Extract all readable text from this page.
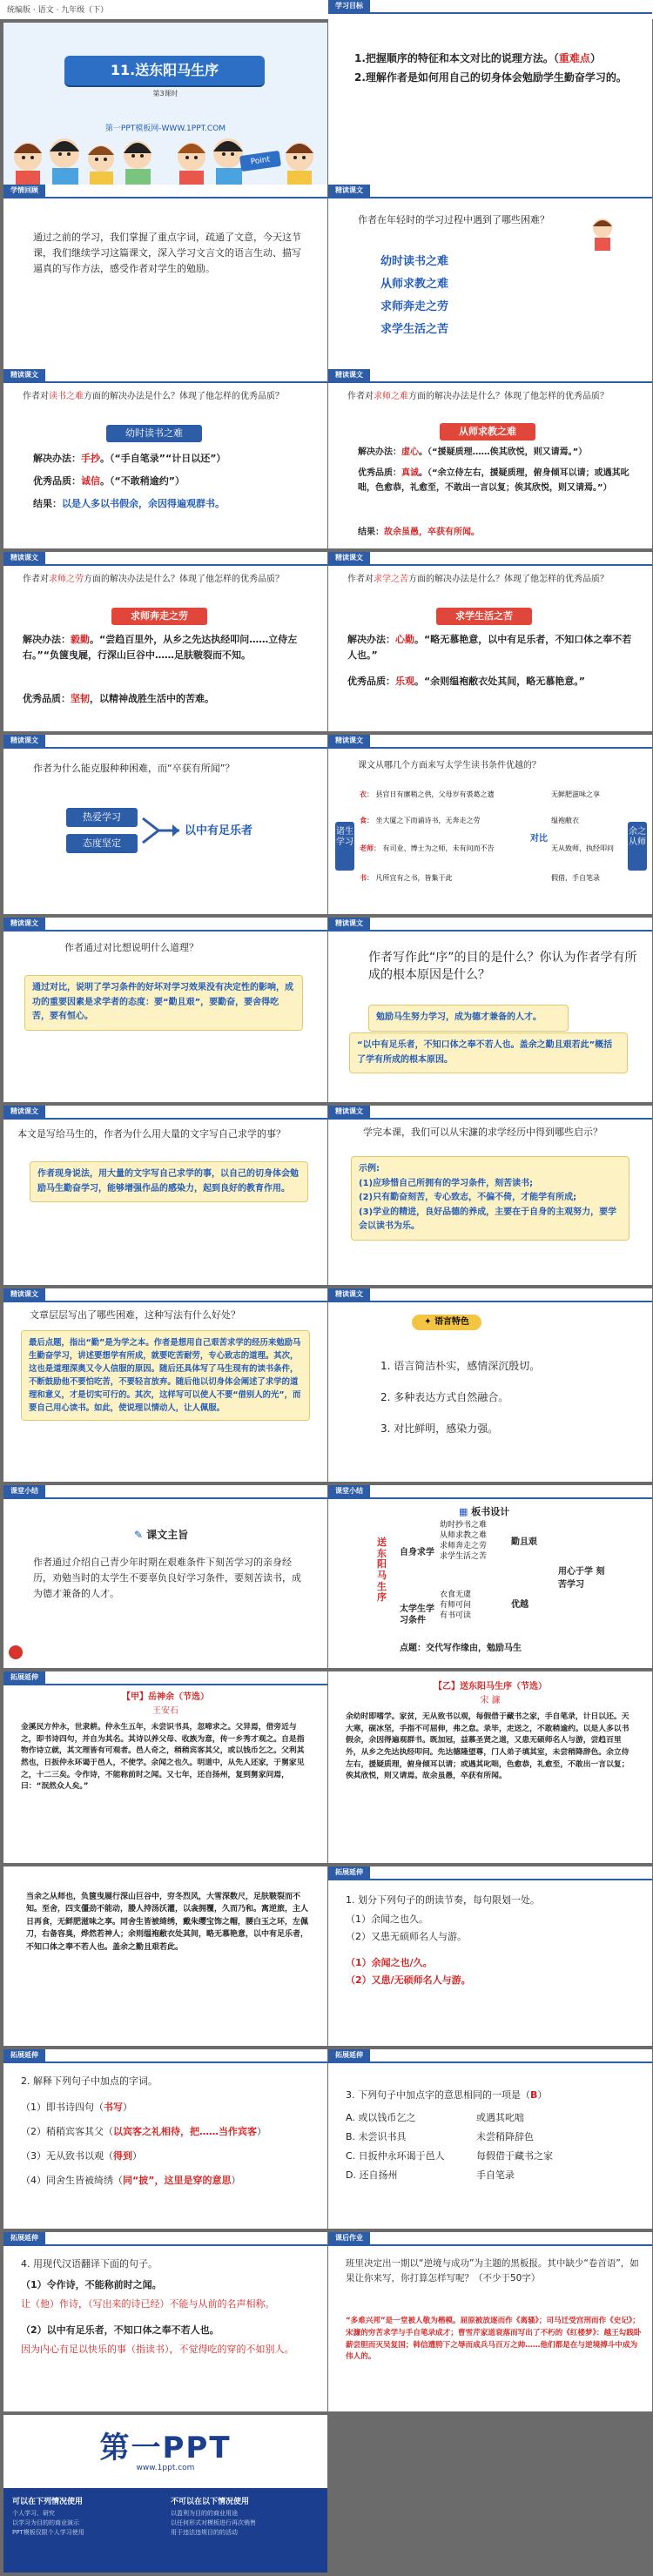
统编版 · 语文 · 九年级（下）
11.送东阳马生序
第3课时
第一PPT模板网-WWW.1PPT.COM
Point
学习目标
1.把握顺序的特征和本文对比的说理方法。（重难点）
2.理解作者是如何用自己的切身体会勉励学生勤奋学习的。
学情回顾
通过之前的学习，我们掌握了重点字词，疏通了文意，今天这节课，我们继续学习这篇课文，深入学习文言文的语言生动、描写逼真的写作方法，感受作者对学生的勉励。
精读课文
作者在年轻时的学习过程中遇到了哪些困难？
幼时读书之难
从师求教之难
求师奔走之劳
求学生活之苦
精读课文
作者对读书之难方面的解决办法是什么？体现了他怎样的优秀品质？
幼时读书之难
解决办法：手抄。（“手自笔录”“计日以还”）
优秀品质：诚信。（“不敢稍逾约”）
结果：以是人多以书假余，余因得遍观群书。
精读课文
作者对求师之难方面的解决办法是什么？体现了他怎样的优秀品质？
从师求教之难
解决办法：虚心。（“援疑质理……俟其欣悦，则又请焉。”）
优秀品质：真诚。（“余立侍左右，援疑质理，俯身倾耳以请；或遇其叱咄，色愈恭，礼愈至，不敢出一言以复；俟其欣悦，则又请焉。”）
结果：故余虽愚，卒获有所闻。
精读课文
作者对求师之劳方面的解决办法是什么？体现了他怎样的优秀品质？
求师奔走之劳
解决办法：毅勤。“尝趋百里外，从乡之先达执经叩问……立侍左右。”“负箧曳屣，行深山巨谷中……足肤皲裂而不知。
优秀品质：坚韧，以精神战胜生活中的苦难。
精读课文
作者对求学之苦方面的解决办法是什么？体现了他怎样的优秀品质？
求学生活之苦
解决办法：心勤。“略无慕艳意，以中有足乐者，不知口体之奉不若人也。”
优秀品质：乐观。“余则缊袍敝衣处其间，略无慕艳意。”
精读课文
作者为什么能克服种种困难，而“卒获有所闻”？
热爱学习
态度坚定
以中有足乐者
精读课文
课文从哪几个方面来写太学生读书条件优越的？
诸生学习
余之从师
衣： 县官日有廪稍之供，父母岁有裘葛之遗	无鲜肥滋味之享
食： 坐大厦之下而诵诗书，无奔走之劳	缊袍敝衣
老师： 有司业、博士为之师，未有问而不告	无从致师，执经叩问
书： 凡所宜有之书，皆集于此	假借，手自笔录
对比
精读课文
作者通过对比想说明什么道理？
通过对比，说明了学习条件的好坏对学习效果没有决定性的影响，成功的重要因素是求学者的态度：要“勤且艰”，要勤奋，要舍得吃苦，要有恒心。
精读课文
作者写作此“序”的目的是什么？你认为作者学有所成的根本原因是什么？
勉励马生努力学习，成为德才兼备的人才。
“以中有足乐者，不知口体之奉不若人也。盖余之勤且艰若此”概括了学有所成的根本原因。
精读课文
本文是写给马生的，作者为什么用大量的文字写自己求学的事？
作者现身说法，用大量的文字写自己求学的事，以自己的切身体会勉励马生勤奋学习，能够增强作品的感染力，起到良好的教育作用。
精读课文
学完本课，我们可以从宋濂的求学经历中得到哪些启示？
示例:
(1)应珍惜自己所拥有的学习条件，刻苦读书;
(2)只有勤奋刻苦，专心致志，不偏不倚，才能学有所成;
(3)学业的精进，良好品德的养成，主要在于自身的主观努力，要学会以读书为乐。
精读课文
文章层层写出了哪些困难，这种写法有什么好处？
最后点题，指出“勤”是为学之本。作者是想用自己艰苦求学的经历来勉励马生勤奋学习，讲述要想学有所成，就要吃苦耐劳，专心致志的道理。其次，这也是道理深奥又令人信服的原因。随后还具体写了马生现有的读书条件，不断鼓励他不要怕吃苦，不要轻言放弃。随后他以切身体会阐述了求学的道理和意义，才是切实可行的。其次，这样写可以使人不要“借别人的光”，而要自己用心读书。如此，使说理以情动人，让人佩服。
精读课文
✦ 语言特色
1. 语言简洁朴实，感情深沉殷切。
2. 多种表达方式自然融合。
3. 对比鲜明，感染力强。
课堂小结
✎ 课文主旨
作者通过介绍自己青少年时期在艰难条件下刻苦学习的亲身经历，劝勉当时的太学生不要辜负良好学习条件，要刻苦读书，成为德才兼备的人才。
课堂小结
▦ 板书设计
送东阳马生序
自身求学
幼时抄书之难
从师求教之难
求师奔走之劳
求学生活之苦
勤且艰
太学生学习条件
衣食无虞
有师可问
有书可读
优越
用心于学 刻苦学习
点题：交代写作缘由，勉励马生
拓展延伸
【甲】岳神余（节选）
王安石
金溪民方仲永，世隶耕。仲永生五年，未尝识书具，忽啼求之。父异焉，借旁近与之，即书诗四句，并自为其名。其诗以养父母、收族为意，传一乡秀才观之。自是指物作诗立就，其文理皆有可观者。邑人奇之，稍稍宾客其父，或以钱币乞之。父利其然也，日扳仲永环谒于邑人，不使学。余闻之也久。明道中，从先人还家，于舅家见之，十二三矣。令作诗，不能称前时之闻。又七年，还自扬州，复到舅家问焉，曰：“泯然众人矣。”
【乙】送东阳马生序（节选）
宋 濂
余幼时即嗜学。家贫，无从致书以观，每假借于藏书之家，手自笔录，计日以还。天大寒，砚冰坚，手指不可屈伸，弗之怠。录毕，走送之，不敢稍逾约。以是人多以书假余，余因得遍观群书。既加冠，益慕圣贤之道，又患无硕师名人与游，尝趋百里外，从乡之先达执经叩问。先达德隆望尊，门人弟子填其室，未尝稍降辞色。余立侍左右，援疑质理，俯身倾耳以请；或遇其叱咄，色愈恭，礼愈至，不敢出一言以复；俟其欣悦，则又请焉。故余虽愚，卒获有所闻。
当余之从师也，负箧曳屣行深山巨谷中，穷冬烈风，大雪深数尺，足肤皲裂而不知。至舍，四支僵劲不能动，媵人持汤沃灌，以衾拥覆，久而乃和。寓逆旅，主人日再食，无鲜肥滋味之享。同舍生皆被绮绣，戴朱缨宝饰之帽，腰白玉之环，左佩刀，右备容臭，烨然若神人；余则缊袍敝衣处其间，略无慕艳意，以中有足乐者，不知口体之奉不若人也。盖余之勤且艰若此。
拓展延伸
1. 划分下列句子的朗读节奏，每句限划一处。
（1）余闻之也久。
（2）又患无硕师名人与游。
（1）余闻之也/久。
（2）又患/无硕师名人与游。
拓展延伸
2. 解释下列句子中加点的字词。
（1）即书诗四句（书写）
（2）稍稍宾客其父（以宾客之礼相待，把……当作宾客）
（3）无从致书以观（得到）
（4）同舍生皆被绮绣（同“披”，这里是穿的意思）
拓展延伸
3. 下列句子中加点字的意思相同的一项是（B）
A. 或以钱币乞之	或遇其叱咄
B. 未尝识书具	未尝稍降辞色
C. 日扳仲永环谒于邑人	每假借于藏书之家
D. 还自扬州	手自笔录
拓展延伸
4. 用现代汉语翻译下面的句子。
（1）令作诗，不能称前时之闻。
让（他）作诗，（写出来的诗已经）不能与从前的名声相称。
（2）以中有足乐者，不知口体之奉不若人也。
因为内心有足以快乐的事（指读书），不觉得吃的穿的不如别人。
课后作业
班里决定出一期以“逆境与成功”为主题的黑板报。其中缺少“卷首语”，如果让你来写，你打算怎样写呢？（不少于50字）
“多难兴邦”是一堂被人敬为楷模。屈原被放逐而作《离骚》；司马迁受宫刑而作《史记》；宋濂的穷苦求学与手自笔录成才；曹雪芹家道衰落而写出了不朽的《红楼梦》：越王勾践卧薪尝胆而灭吴复国；韩信遭胯下之辱而成兵马百万之帅……他们都是在与逆境搏斗中成为伟人的。
第一PPT
www.1ppt.com
可以在下列情况使用
个人学习、研究
以学习为目的的商业演示
PPT模板仅限个人学习使用
不可以在以下情况使用
以盈利为目的的商业用途
以任何形式对模板进行再次销售
用于违法违规目的的活动
